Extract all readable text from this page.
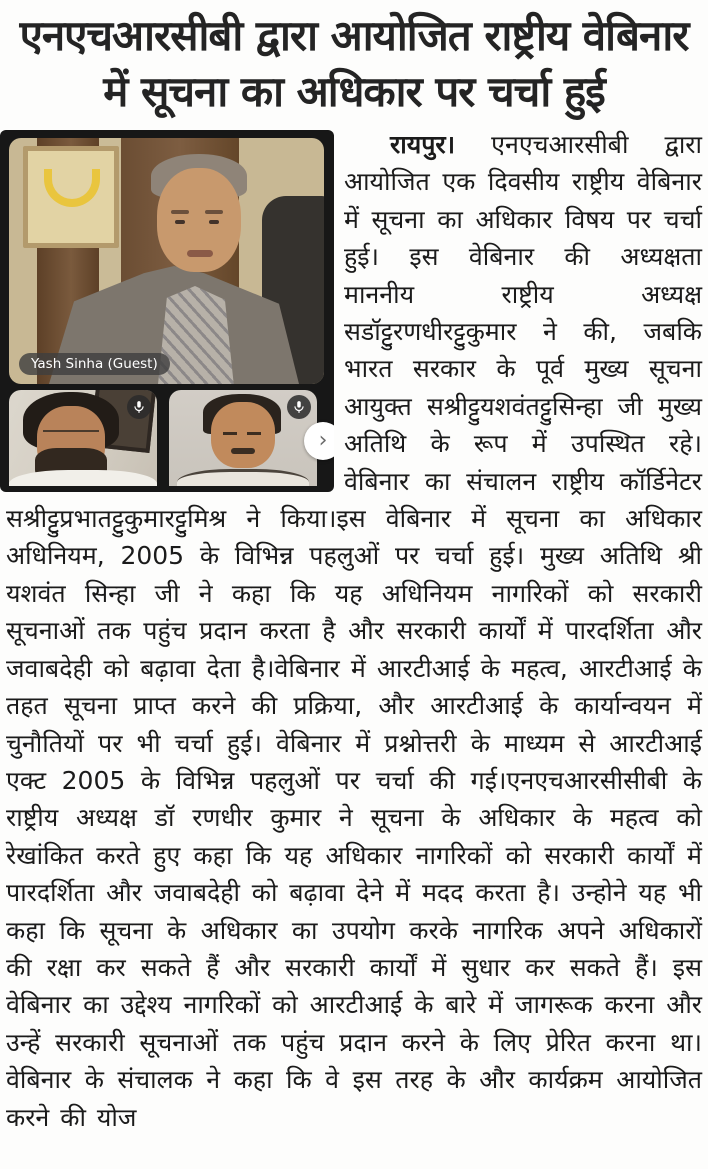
एनएचआरसीबी द्वारा आयोजित राष्ट्रीय वेबिनार
में सूचना का अधिकार पर चर्चा हुई
Yash Sinha (Guest)
›

रायपुर। एनएचआरसीबी द्वारा आयोजित एक दिवसीय राष्ट्रीय वेबिनार में सूचना का अधिकार विषय पर चर्चा हुई। इस वेबिनार की अध्यक्षता माननीय राष्ट्रीय अध्यक्ष सडॉट्टुरणधीरट्टुकुमार ने की, जबकि भारत सरकार के पूर्व मुख्य सूचना आयुक्त सश्रीट्टुयशवंतट्टुसिन्हा जी मुख्य अतिथि के रूप में उपस्थित रहे। वेबिनार का संचालन राष्ट्रीय कॉर्डिनेटर सश्रीट्टुप्रभातट्टुकुमारट्टुमिश्र ने किया।इस वेबिनार में सूचना का अधिकार अधिनियम, 2005 के विभिन्न पहलुओं पर चर्चा हुई। मुख्य अतिथि श्री यशवंत सिन्हा जी ने कहा कि यह अधिनियम नागरिकों को सरकारी सूचनाओं तक पहुंच प्रदान करता है और सरकारी कार्यों में पारदर्शिता और जवाबदेही को बढ़ावा देता है।वेबिनार में आरटीआई के महत्व, आरटीआई के तहत सूचना प्राप्त करने की प्रक्रिया, और आरटीआई के कार्यान्वयन में चुनौतियों पर भी चर्चा हुई। वेबिनार में प्रश्नोत्तरी के माध्यम से आरटीआई एक्ट 2005 के विभिन्न पहलुओं पर चर्चा की गई।एनएचआरसीसीबी के राष्ट्रीय अध्यक्ष डॉ रणधीर कुमार ने सूचना के अधिकार के महत्व को रेखांकित करते हुए कहा कि यह अधिकार नागरिकों को सरकारी कार्यों में पारदर्शिता और जवाबदेही को बढ़ावा देने में मदद करता है। उन्होने यह भी कहा कि सूचना के अधिकार का उपयोग करके नागरिक अपने अधिकारों की रक्षा कर सकते हैं और सरकारी कार्यों में सुधार कर सकते हैं। इस वेबिनार का उद्देश्य नागरिकों को आरटीआई के बारे में जागरूक करना और उन्हें सरकारी सूचनाओं तक पहुंच प्रदान करने के लिए प्रेरित करना था। वेबिनार के संचालक ने कहा कि वे इस तरह के और कार्यक्रम आयोजित करने की योज
